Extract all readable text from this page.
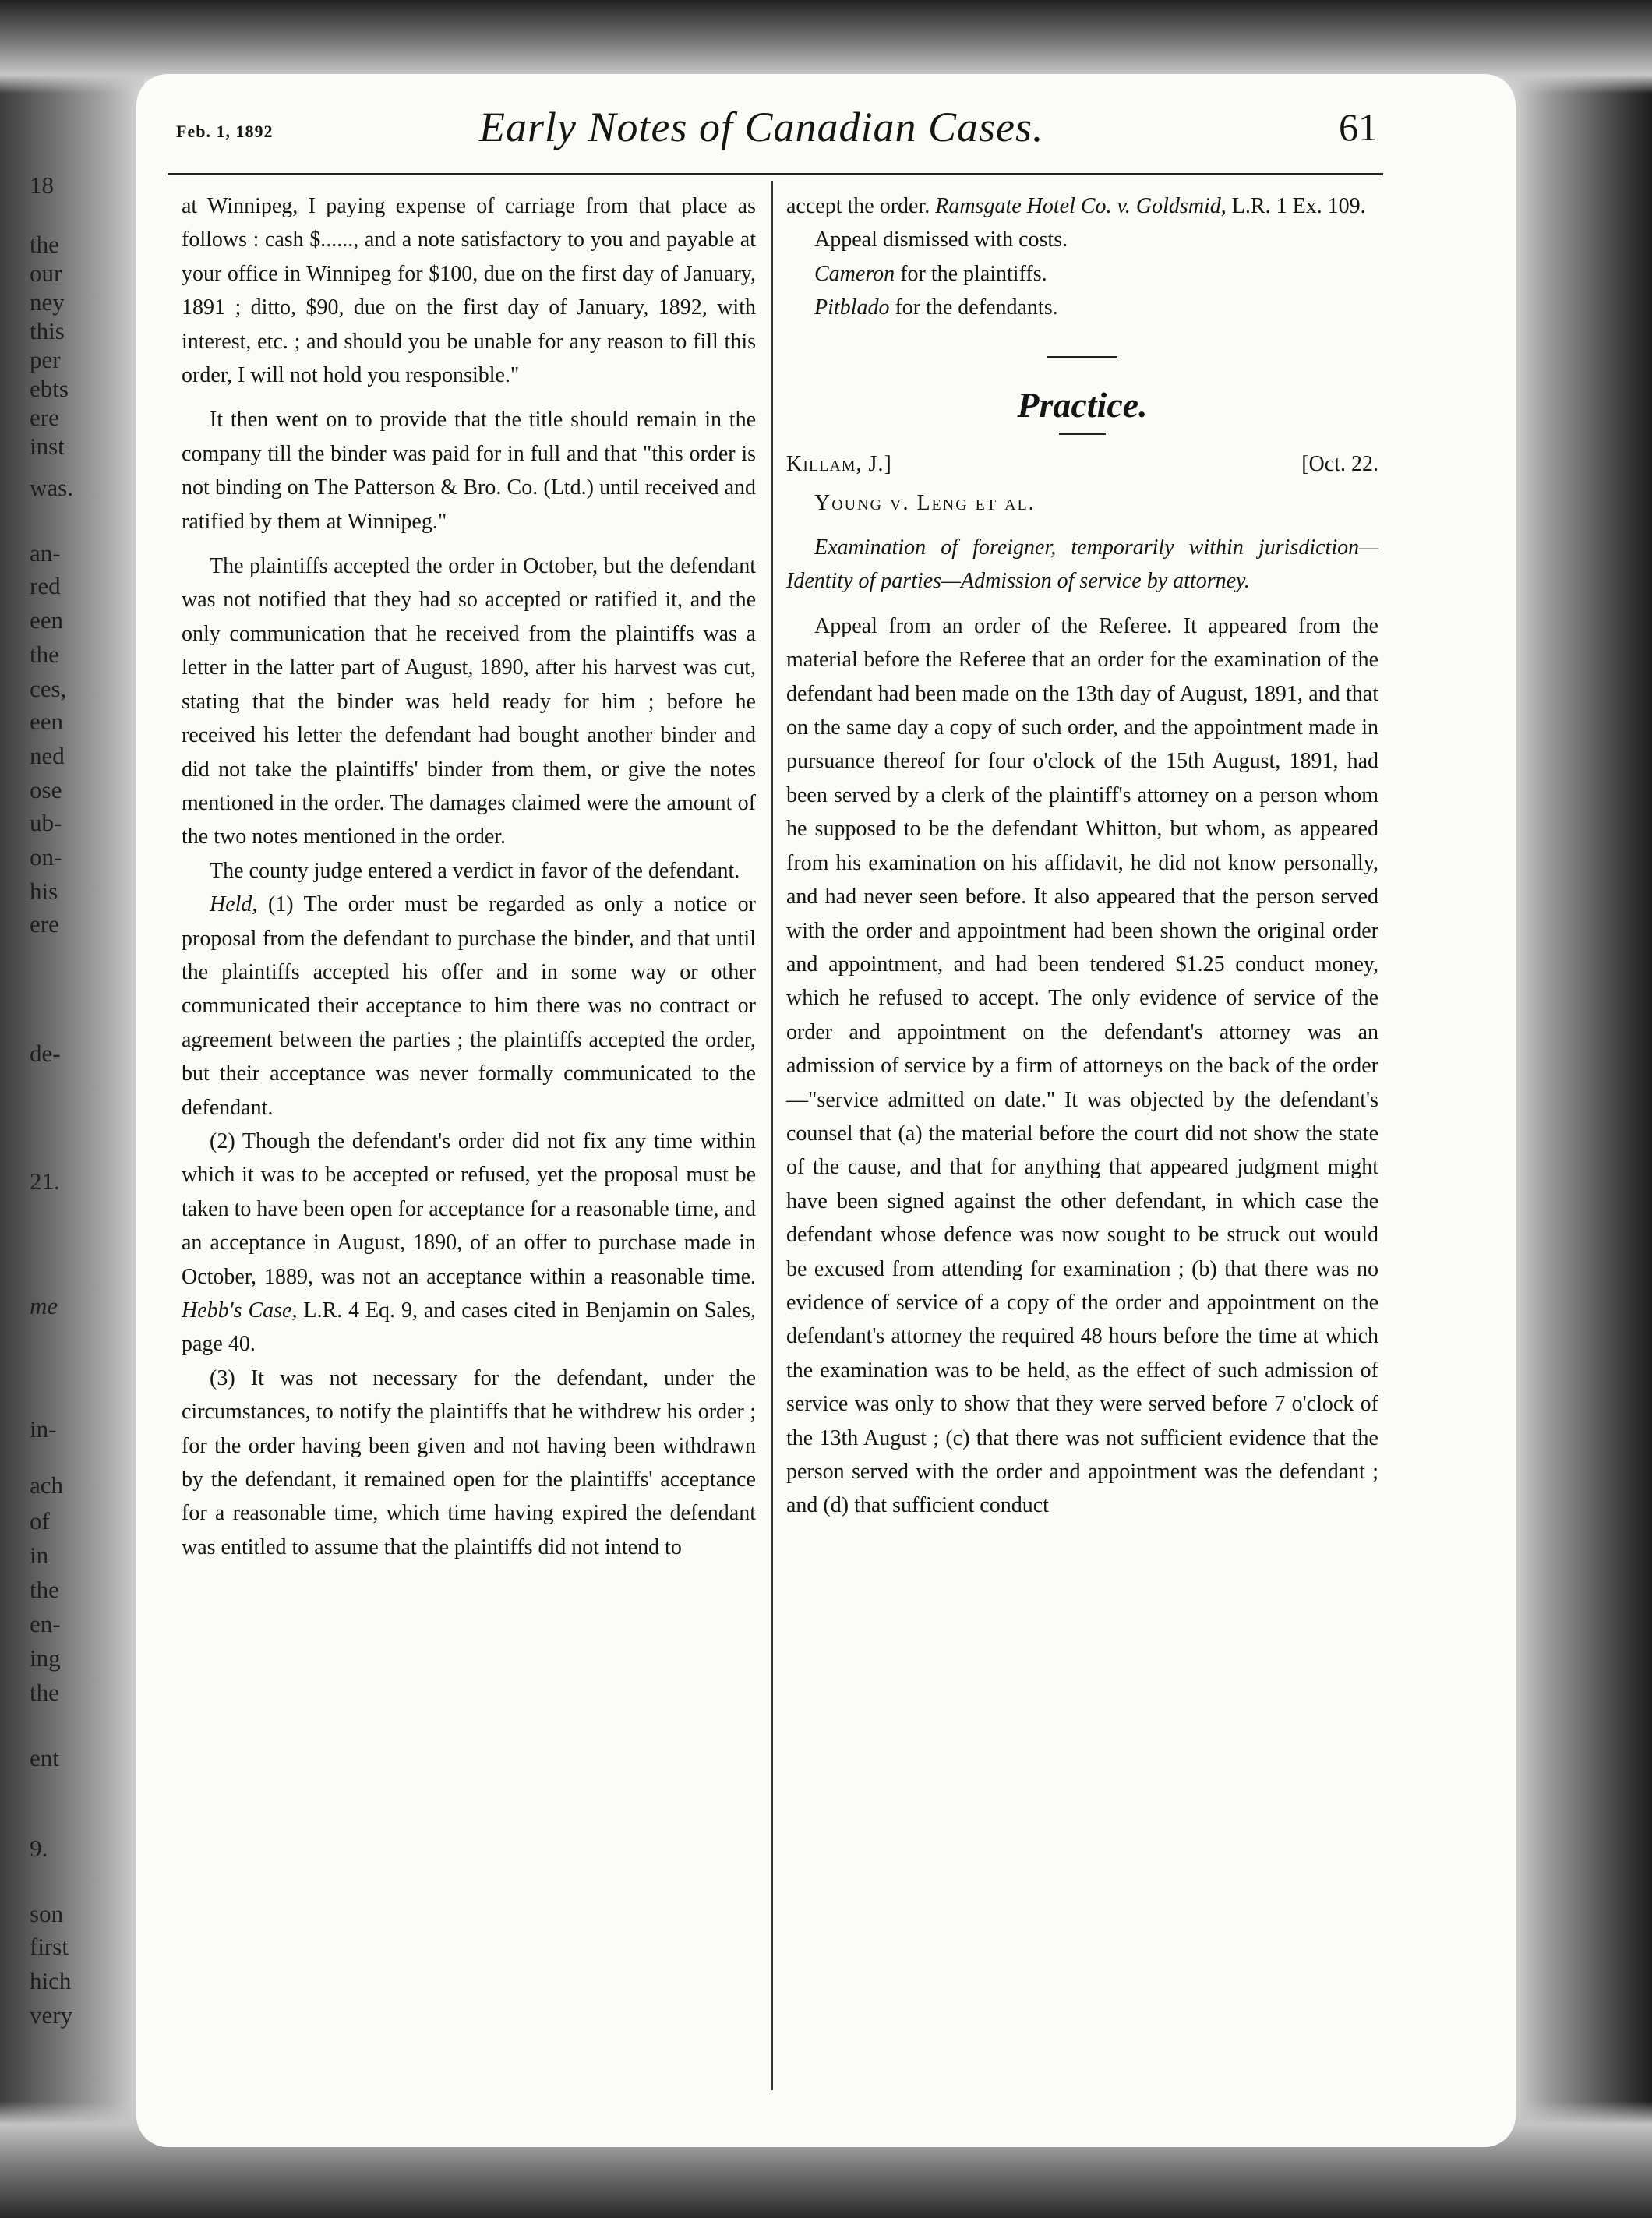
18
the
our
ney
this
per
ebts
ere
inst
was.
an-
red
een
the
ces,
een
ned
ose
ub-
on-
his
ere
de-
21.
me
in-
ach
of
in
the
en-
ing
the
ent
9.
son
first
hich
very
Feb. 1, 1892	Early Notes of Canadian Cases.	61

at Winnipeg, I paying expense of carriage from that place as follows : cash $......, and a note satisfactory to you and payable at your office in Winnipeg for $100, due on the first day of January, 1891 ; ditto, $90, due on the first day of January, 1892, with interest, etc. ; and should you be unable for any reason to fill this order, I will not hold you responsible."

It then went on to provide that the title should remain in the company till the binder was paid for in full and that "this order is not binding on The Patterson & Bro. Co. (Ltd.) until received and ratified by them at Winnipeg."

The plaintiffs accepted the order in October, but the defendant was not notified that they had so accepted or ratified it, and the only communication that he received from the plaintiffs was a letter in the latter part of August, 1890, after his harvest was cut, stating that the binder was held ready for him ; before he received his letter the defendant had bought another binder and did not take the plaintiffs' binder from them, or give the notes mentioned in the order. The damages claimed were the amount of the two notes mentioned in the order.

The county judge entered a verdict in favor of the defendant.

Held, (1) The order must be regarded as only a notice or proposal from the defendant to purchase the binder, and that until the plaintiffs accepted his offer and in some way or other communicated their acceptance to him there was no contract or agreement between the parties ; the plaintiffs accepted the order, but their acceptance was never formally communicated to the defendant.

(2) Though the defendant's order did not fix any time within which it was to be accepted or refused, yet the proposal must be taken to have been open for acceptance for a reasonable time, and an acceptance in August, 1890, of an offer to purchase made in October, 1889, was not an acceptance within a reasonable time. Hebb's Case, L.R. 4 Eq. 9, and cases cited in Benjamin on Sales, page 40.

(3) It was not necessary for the defendant, under the circumstances, to notify the plaintiffs that he withdrew his order ; for the order having been given and not having been withdrawn by the defendant, it remained open for the plaintiffs' acceptance for a reasonable time, which time having expired the defendant was entitled to assume that the plaintiffs did not intend to

accept the order. Ramsgate Hotel Co. v. Goldsmid, L.R. 1 Ex. 109.

Appeal dismissed with costs.

Cameron for the plaintiffs.

Pitblado for the defendants.

Practice.
Killam, J.]	[Oct. 22.

Young v. Leng et al.

Examination of foreigner, temporarily within jurisdiction—Identity of parties—Admission of service by attorney.

Appeal from an order of the Referee. It appeared from the material before the Referee that an order for the examination of the defendant had been made on the 13th day of August, 1891, and that on the same day a copy of such order, and the appointment made in pursuance thereof for four o'clock of the 15th August, 1891, had been served by a clerk of the plaintiff's attorney on a person whom he supposed to be the defendant Whitton, but whom, as appeared from his examination on his affidavit, he did not know personally, and had never seen before. It also appeared that the person served with the order and appointment had been shown the original order and appointment, and had been tendered $1.25 conduct money, which he refused to accept. The only evidence of service of the order and appointment on the defendant's attorney was an admission of service by a firm of attorneys on the back of the order—"service admitted on date." It was objected by the defendant's counsel that (a) the material before the court did not show the state of the cause, and that for anything that appeared judgment might have been signed against the other defendant, in which case the defendant whose defence was now sought to be struck out would be excused from attending for examination ; (b) that there was no evidence of service of a copy of the order and appointment on the defendant's attorney the required 48 hours before the time at which the examination was to be held, as the effect of such admission of service was only to show that they were served before 7 o'clock of the 13th August ; (c) that there was not sufficient evidence that the person served with the order and appointment was the defendant ; and (d) that sufficient conduct
